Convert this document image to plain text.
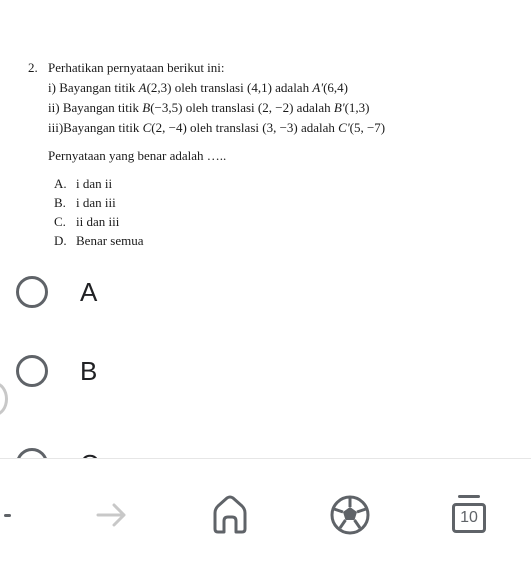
2. Perhatikan pernyataan berikut ini:

i) Bayangan titik A(2,3) oleh translasi (4,1) adalah A'(6,4)

ii) Bayangan titik B(−3,5) oleh translasi (2, −2) adalah B'(1,3)

iii)Bayangan titik C(2, −4) oleh translasi (3, −3) adalah C'(5, −7)

Pernyataan yang benar adalah …..
A. i dan ii
B. i dan iii
C. ii dan iii
D. Benar semua
A
B
10
